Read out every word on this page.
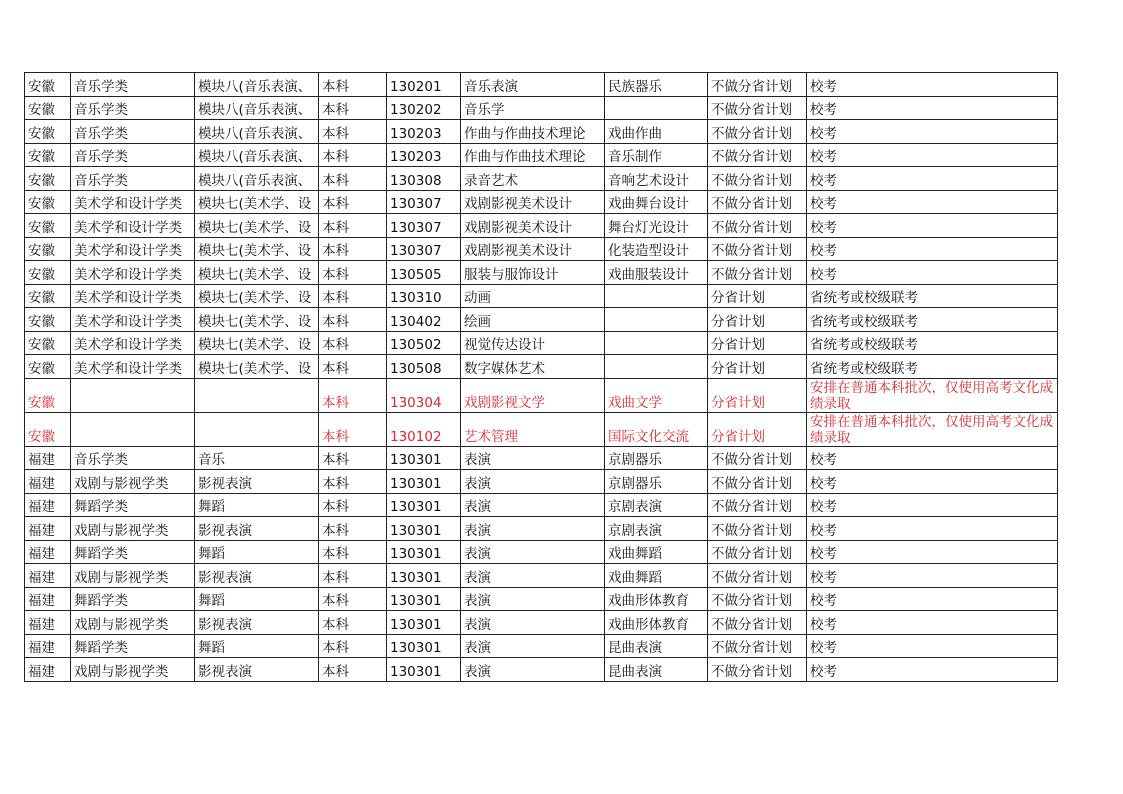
安徽	音乐学类	模块八(音乐表演、	本科	130201	音乐表演	民族器乐	不做分省计划	校考
安徽	音乐学类	模块八(音乐表演、	本科	130202	音乐学		不做分省计划	校考
安徽	音乐学类	模块八(音乐表演、	本科	130203	作曲与作曲技术理论	戏曲作曲	不做分省计划	校考
安徽	音乐学类	模块八(音乐表演、	本科	130203	作曲与作曲技术理论	音乐制作	不做分省计划	校考
安徽	音乐学类	模块八(音乐表演、	本科	130308	录音艺术	音响艺术设计	不做分省计划	校考
安徽	美术学和设计学类	模块七(美术学、设	本科	130307	戏剧影视美术设计	戏曲舞台设计	不做分省计划	校考
安徽	美术学和设计学类	模块七(美术学、设	本科	130307	戏剧影视美术设计	舞台灯光设计	不做分省计划	校考
安徽	美术学和设计学类	模块七(美术学、设	本科	130307	戏剧影视美术设计	化装造型设计	不做分省计划	校考
安徽	美术学和设计学类	模块七(美术学、设	本科	130505	服装与服饰设计	戏曲服装设计	不做分省计划	校考
安徽	美术学和设计学类	模块七(美术学、设	本科	130310	动画		分省计划	省统考或校级联考
安徽	美术学和设计学类	模块七(美术学、设	本科	130402	绘画		分省计划	省统考或校级联考
安徽	美术学和设计学类	模块七(美术学、设	本科	130502	视觉传达设计		分省计划	省统考或校级联考
安徽	美术学和设计学类	模块七(美术学、设	本科	130508	数字媒体艺术		分省计划	省统考或校级联考
安徽			本科	130304	戏剧影视文学	戏曲文学	分省计划	安排在普通本科批次，仅使用高考文化成绩录取
安徽			本科	130102	艺术管理	国际文化交流	分省计划	安排在普通本科批次，仅使用高考文化成绩录取
福建	音乐学类	音乐	本科	130301	表演	京剧器乐	不做分省计划	校考
福建	戏剧与影视学类	影视表演	本科	130301	表演	京剧器乐	不做分省计划	校考
福建	舞蹈学类	舞蹈	本科	130301	表演	京剧表演	不做分省计划	校考
福建	戏剧与影视学类	影视表演	本科	130301	表演	京剧表演	不做分省计划	校考
福建	舞蹈学类	舞蹈	本科	130301	表演	戏曲舞蹈	不做分省计划	校考
福建	戏剧与影视学类	影视表演	本科	130301	表演	戏曲舞蹈	不做分省计划	校考
福建	舞蹈学类	舞蹈	本科	130301	表演	戏曲形体教育	不做分省计划	校考
福建	戏剧与影视学类	影视表演	本科	130301	表演	戏曲形体教育	不做分省计划	校考
福建	舞蹈学类	舞蹈	本科	130301	表演	昆曲表演	不做分省计划	校考
福建	戏剧与影视学类	影视表演	本科	130301	表演	昆曲表演	不做分省计划	校考
